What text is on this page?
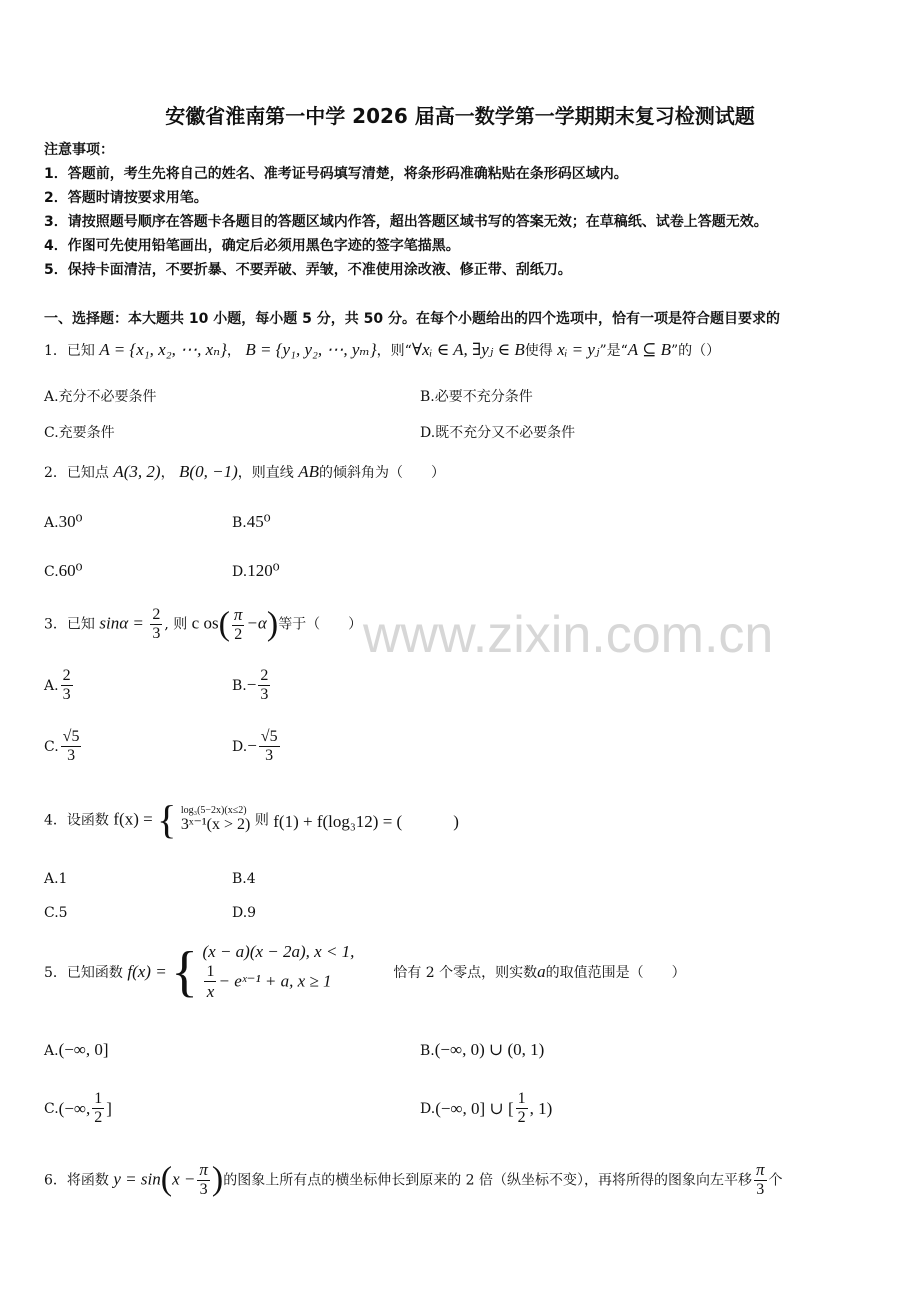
安徽省淮南第一中学 2026 届高一数学第一学期期末复习检测试题
注意事项：
1．答题前，考生先将自己的姓名、准考证号码填写清楚，将条形码准确粘贴在条形码区域内。
2．答题时请按要求用笔。
3．请按照题号顺序在答题卡各题目的答题区域内作答，超出答题区域书写的答案无效；在草稿纸、试卷上答题无效。
4．作图可先使用铅笔画出，确定后必须用黑色字迹的签字笔描黑。
5．保持卡面清洁，不要折暴、不要弄破、弄皱，不准使用涂改液、修正带、刮纸刀。
一、选择题：本大题共 10 小题，每小题 5 分，共 50 分。在每个小题给出的四个选项中，恰有一项是符合题目要求的
1．已知 A = {x₁, x₂, ⋯, xₙ}， B = {y₁, y₂, ⋯, yₘ}，则“∀xᵢ ∈ A, ∃yⱼ ∈ B使得 xᵢ = yⱼ”是“A ⊆ B”的（）
A.充分不必要条件	B.必要不充分条件
C.充要条件	D.既不充分又不必要条件
2．已知点 A(3, 2)， B(0, −1)，则直线 AB的倾斜角为（　　）
A.30⁰	B.45⁰
C.60⁰	D.120⁰
www.zixin.com.cn
3．已知 $\sin\alpha = \frac{2}{3}$ , 则 c $os( \frac{\pi}{2} -\alpha)$等于（　　）
A. $\frac{2}{3}$	$B.- \frac{2}{3}$
C. $\frac{√5}{3}$	$D.- \frac{√5}{3}$
4．设函数 f(x) = { log₃(5−2x)(x≤2)
3ˣ⁻¹(x > 2) 则 f(1) + f(log₃12) = (　　　)
A.1	B.4
C.5	D.9
5．已知函数 f(x) = { (x − a)(x − 2a), x < 1,
$\frac{1}{x}$ − eˣ⁻¹ + a, x ≥ 1	恰有 2 个零点，则实数a的取值范围是（　　）
A.(−∞, 0]	B.(−∞, 0) ∪ (0, 1)
C.(−∞, $\frac{1}{2}$ ]	D.(−∞, 0] ∪ [ $\frac{1}{2}$ , 1)
6．将函数 $y = \sin(x - \frac{\pi}{3}$ )的图象上所有点的横坐标伸长到原来的 2 倍（纵坐标不变），再将所得的图象向左平移 $\frac{\pi}{3}$ 个
